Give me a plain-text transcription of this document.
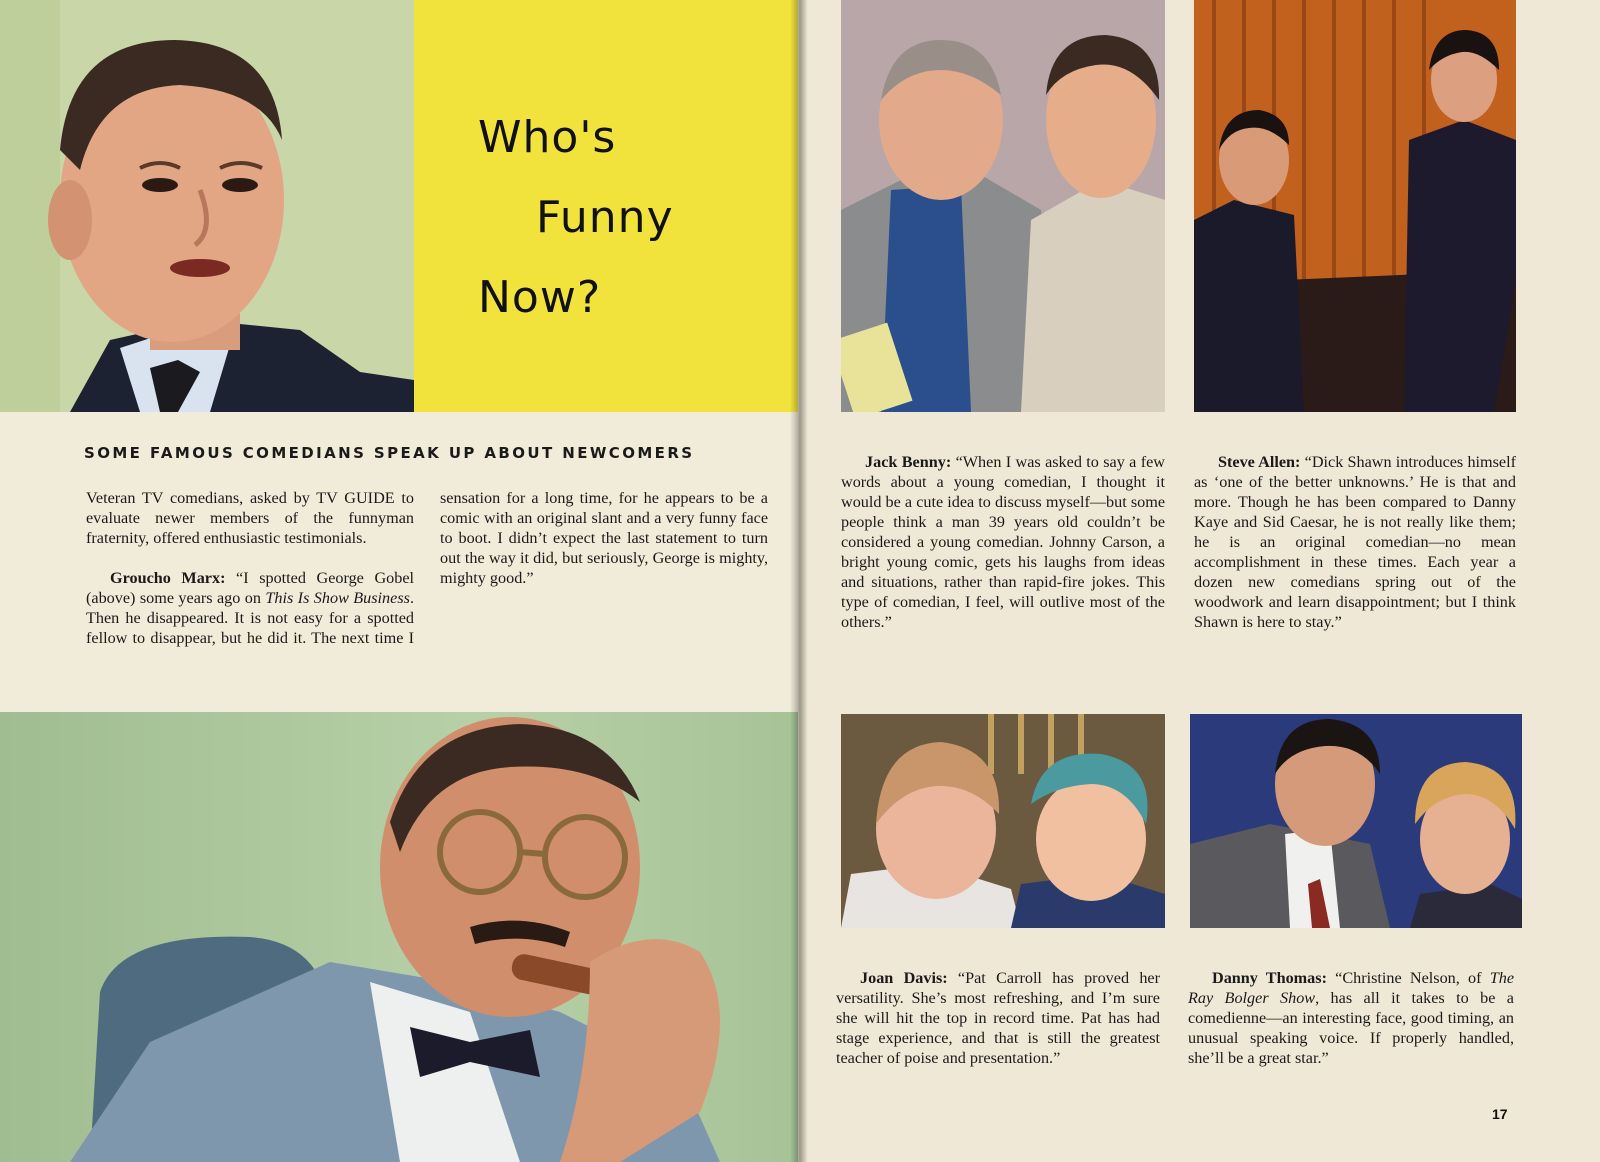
Who's
Funny
Now?
SOME FAMOUS COMEDIANS SPEAK UP ABOUT NEWCOMERS

Veteran TV comedians, asked by TV GUIDE to evaluate newer members of the funnyman fraternity, offered enthusiastic testimonials.

Groucho Marx: “I spotted George Gobel (above) some years ago on This Is Show Business. Then he disappeared. It is not easy for a spotted fellow to disappear, but he did it. The next time I

sensation for a long time, for he appears to be a comic with an original slant and a very funny face to boot. I didn’t expect the last statement to turn out the way it did, but seriously, George is mighty, mighty good.”

Jack Benny: “When I was asked to say a few words about a young comedian, I thought it would be a cute idea to discuss myself—but some people think a man 39 years old couldn’t be considered a young comedian. Johnny Carson, a bright young comic, gets his laughs from ideas and situations, rather than rapid-fire jokes. This type of comedian, I feel, will outlive most of the others.”

Steve Allen: “Dick Shawn introduces himself as ‘one of the better unknowns.’ He is that and more. Though he has been compared to Danny Kaye and Sid Caesar, he is not really like them; he is an original comedian—no mean accomplishment in these times. Each year a dozen new comedians spring out of the woodwork and learn disappointment; but I think Shawn is here to stay.”

Joan Davis: “Pat Carroll has proved her versatility. She’s most refreshing, and I’m sure she will hit the top in record time. Pat has had stage experience, and that is still the greatest teacher of poise and presentation.”

Danny Thomas: “Christine Nelson, of The Ray Bolger Show, has all it takes to be a comedienne—an interesting face, good timing, an unusual speaking voice. If properly handled, she’ll be a great star.”

17
